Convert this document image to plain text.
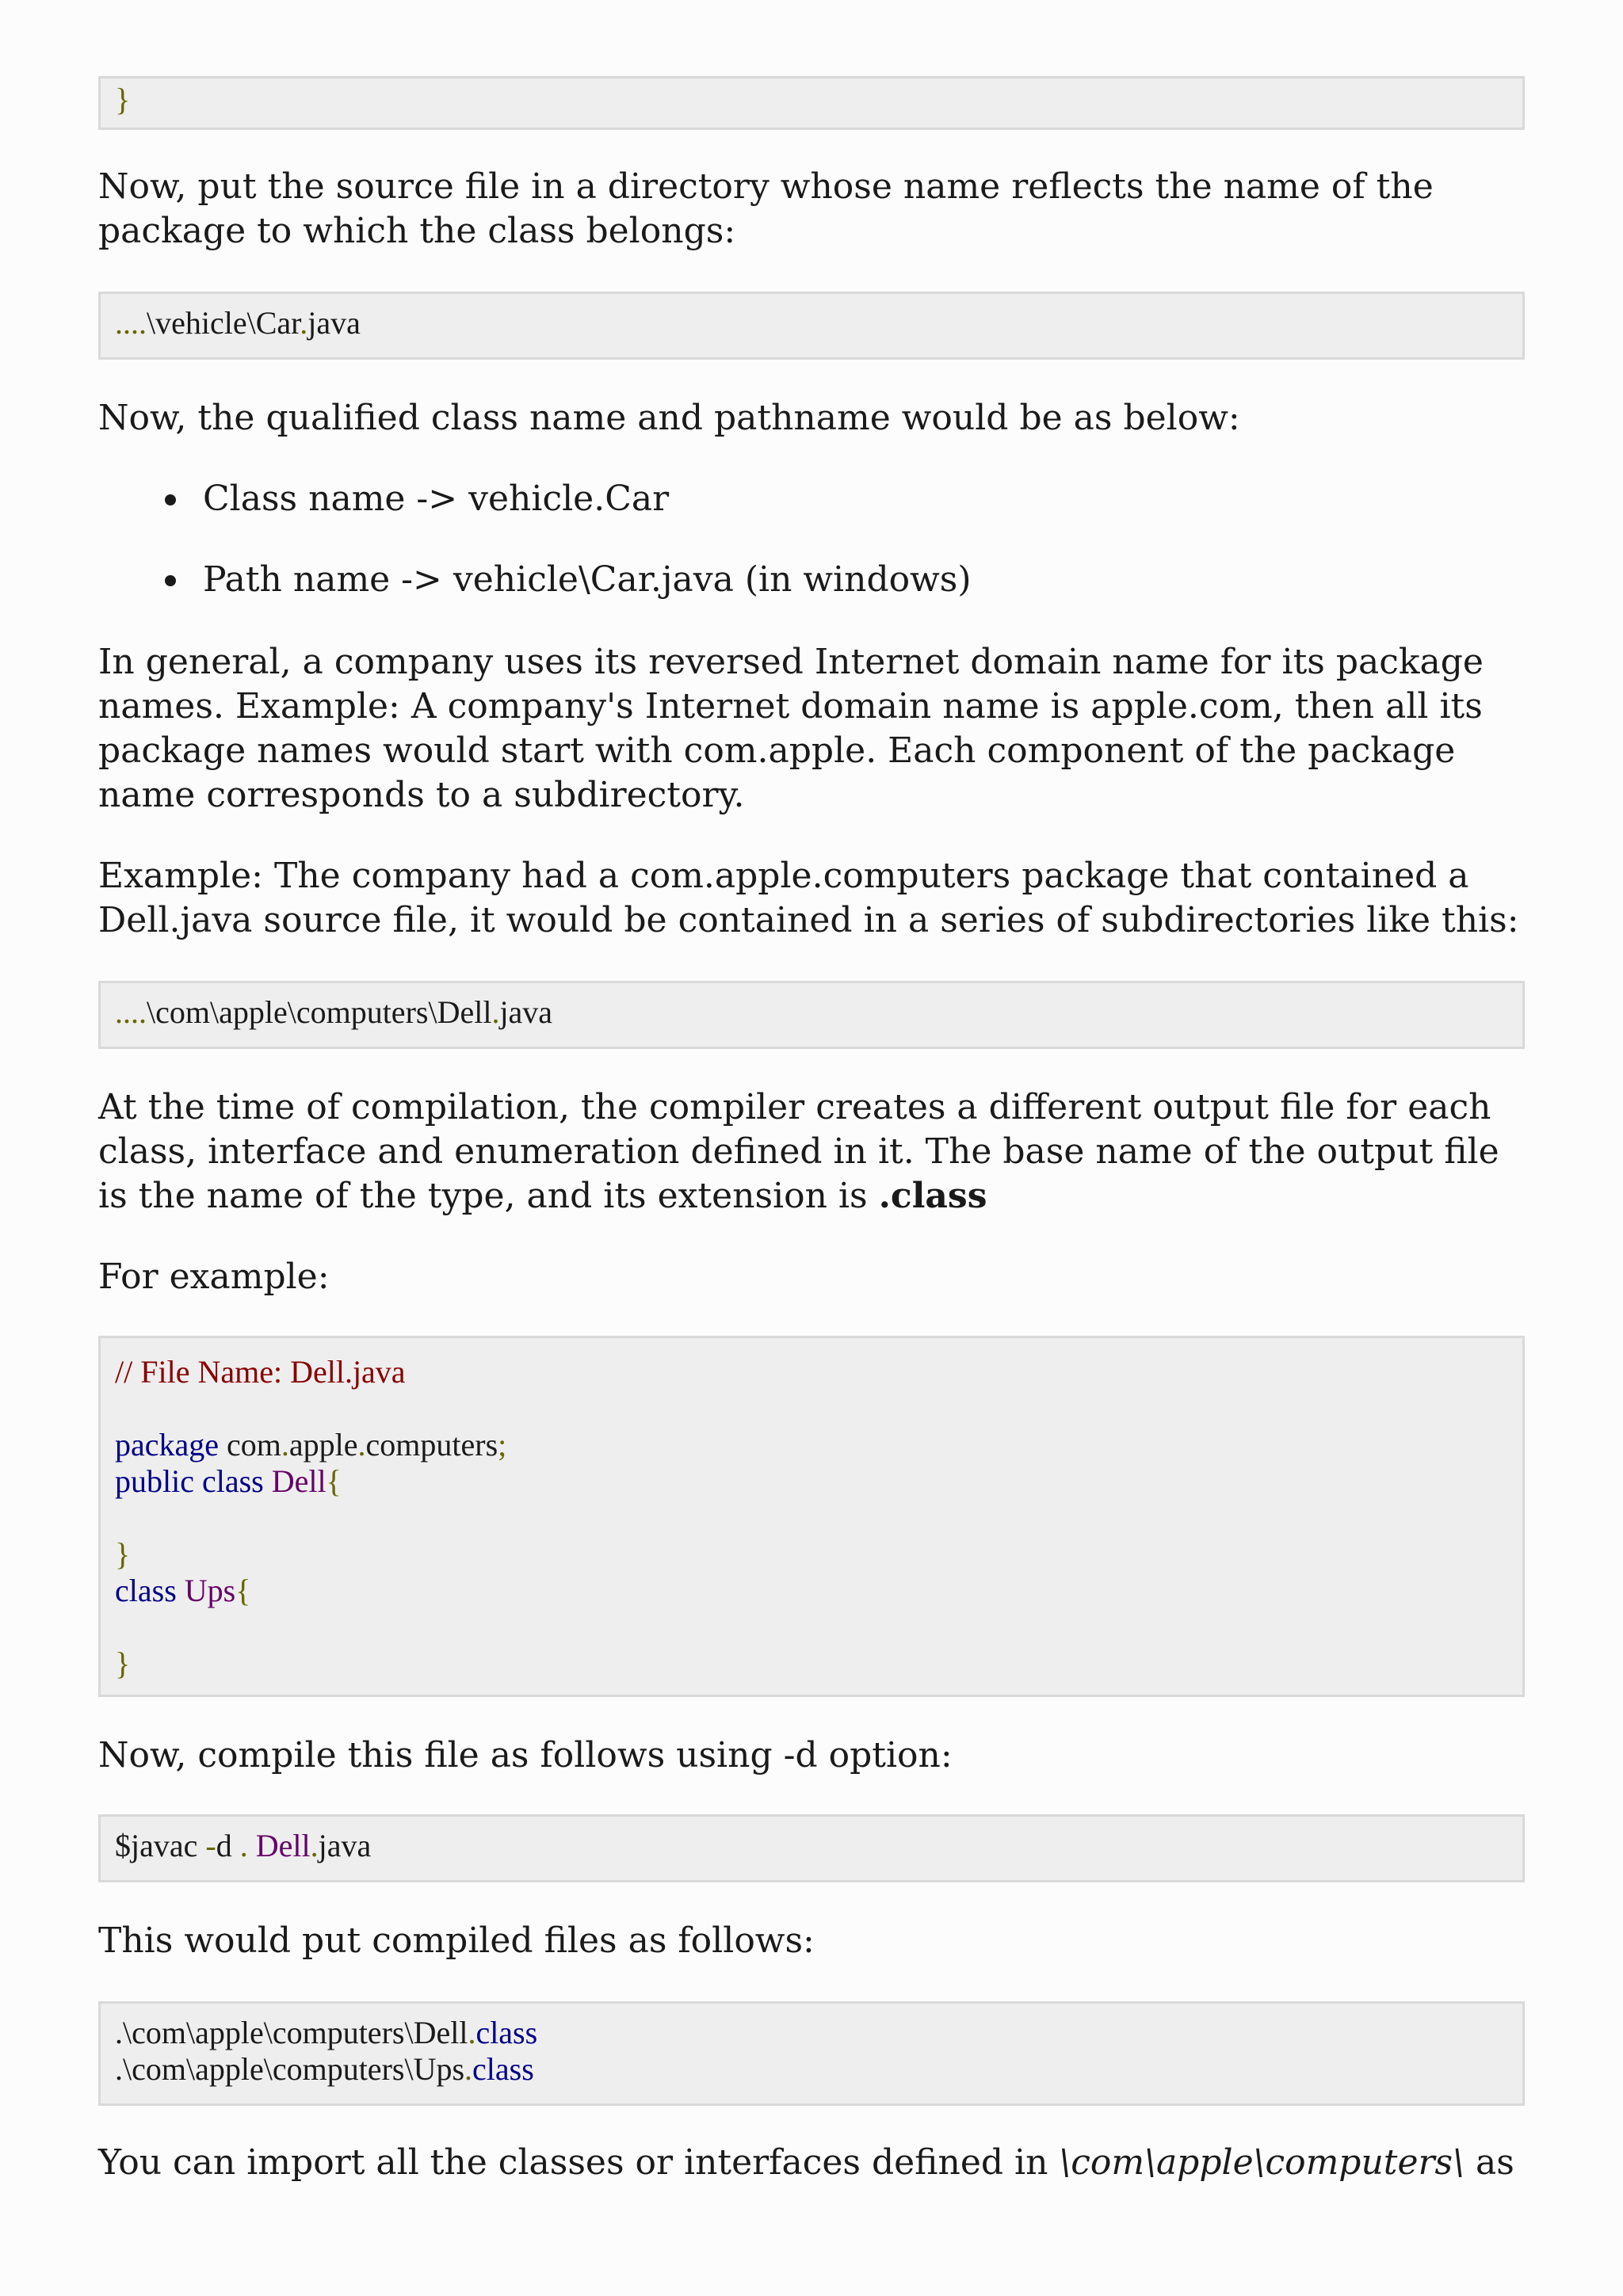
}

Now, put the source file in a directory whose name reflects the name of the package to which the class belongs:

....\vehicle\Car.java

Now, the qualified class name and pathname would be as below:

Class name -> vehicle.Car
Path name -> vehicle\Car.java (in windows)

In general, a company uses its reversed Internet domain name for its package names. Example: A company's Internet domain name is apple.com, then all its package names would start with com.apple. Each component of the package name corresponds to a subdirectory.

Example: The company had a com.apple.computers package that contained a Dell.java source file, it would be contained in a series of subdirectories like this:

....\com\apple\computers\Dell.java

At the time of compilation, the compiler creates a different output file for each class, interface and enumeration defined in it. The base name of the output file is the name of the type, and its extension is .class

For example:

// File Name: Dell.java
package com.apple.computers;
public class Dell{
}
class Ups{
}

Now, compile this file as follows using -d option:

$javac -d . Dell.java

This would put compiled files as follows:

.\com\apple\computers\Dell.class
.\com\apple\computers\Ups.class

You can import all the classes or interfaces defined in \com\apple\computers\ as
